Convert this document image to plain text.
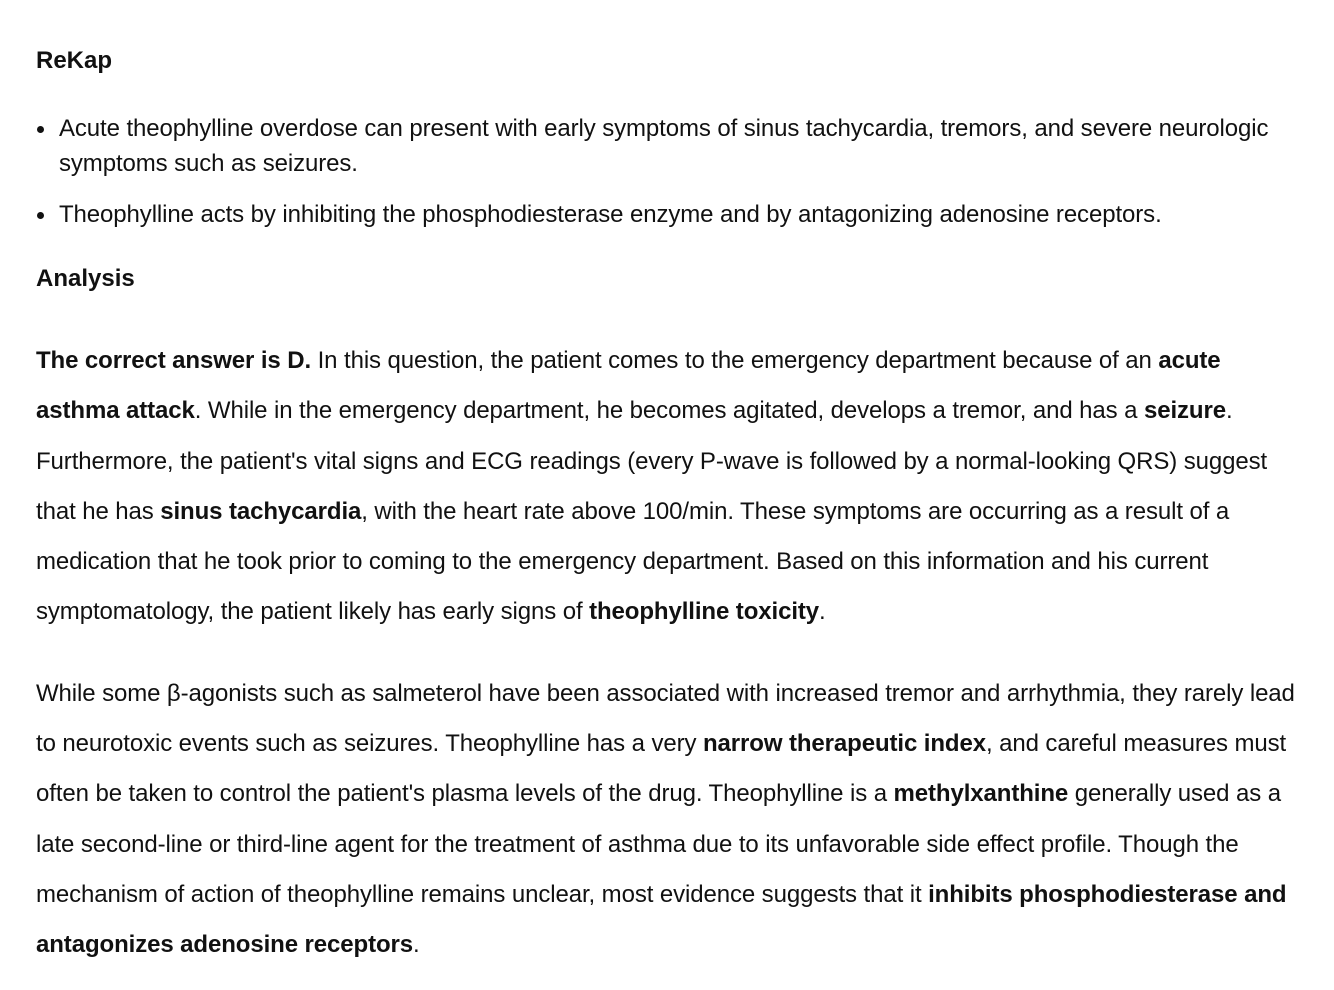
ReKap
Acute theophylline overdose can present with early symptoms of sinus tachycardia, tremors, and severe neurologic symptoms such as seizures.
Theophylline acts by inhibiting the phosphodiesterase enzyme and by antagonizing adenosine receptors.
Analysis

The correct answer is D. In this question, the patient comes to the emergency department because of an acute asthma attack. While in the emergency department, he becomes agitated, develops a tremor, and has a seizure. Furthermore, the patient's vital signs and ECG readings (every P-wave is followed by a normal-looking QRS) suggest that he has sinus tachycardia, with the heart rate above 100/min. These symptoms are occurring as a result of a medication that he took prior to coming to the emergency department. Based on this information and his current symptomatology, the patient likely has early signs of theophylline toxicity.

While some β-agonists such as salmeterol have been associated with increased tremor and arrhythmia, they rarely lead to neurotoxic events such as seizures. Theophylline has a very narrow therapeutic index, and careful measures must often be taken to control the patient's plasma levels of the drug. Theophylline is a methylxanthine generally used as a late second-line or third-line agent for the treatment of asthma due to its unfavorable side effect profile. Though the mechanism of action of theophylline remains unclear, most evidence suggests that it inhibits phosphodiesterase and antagonizes adenosine receptors.
